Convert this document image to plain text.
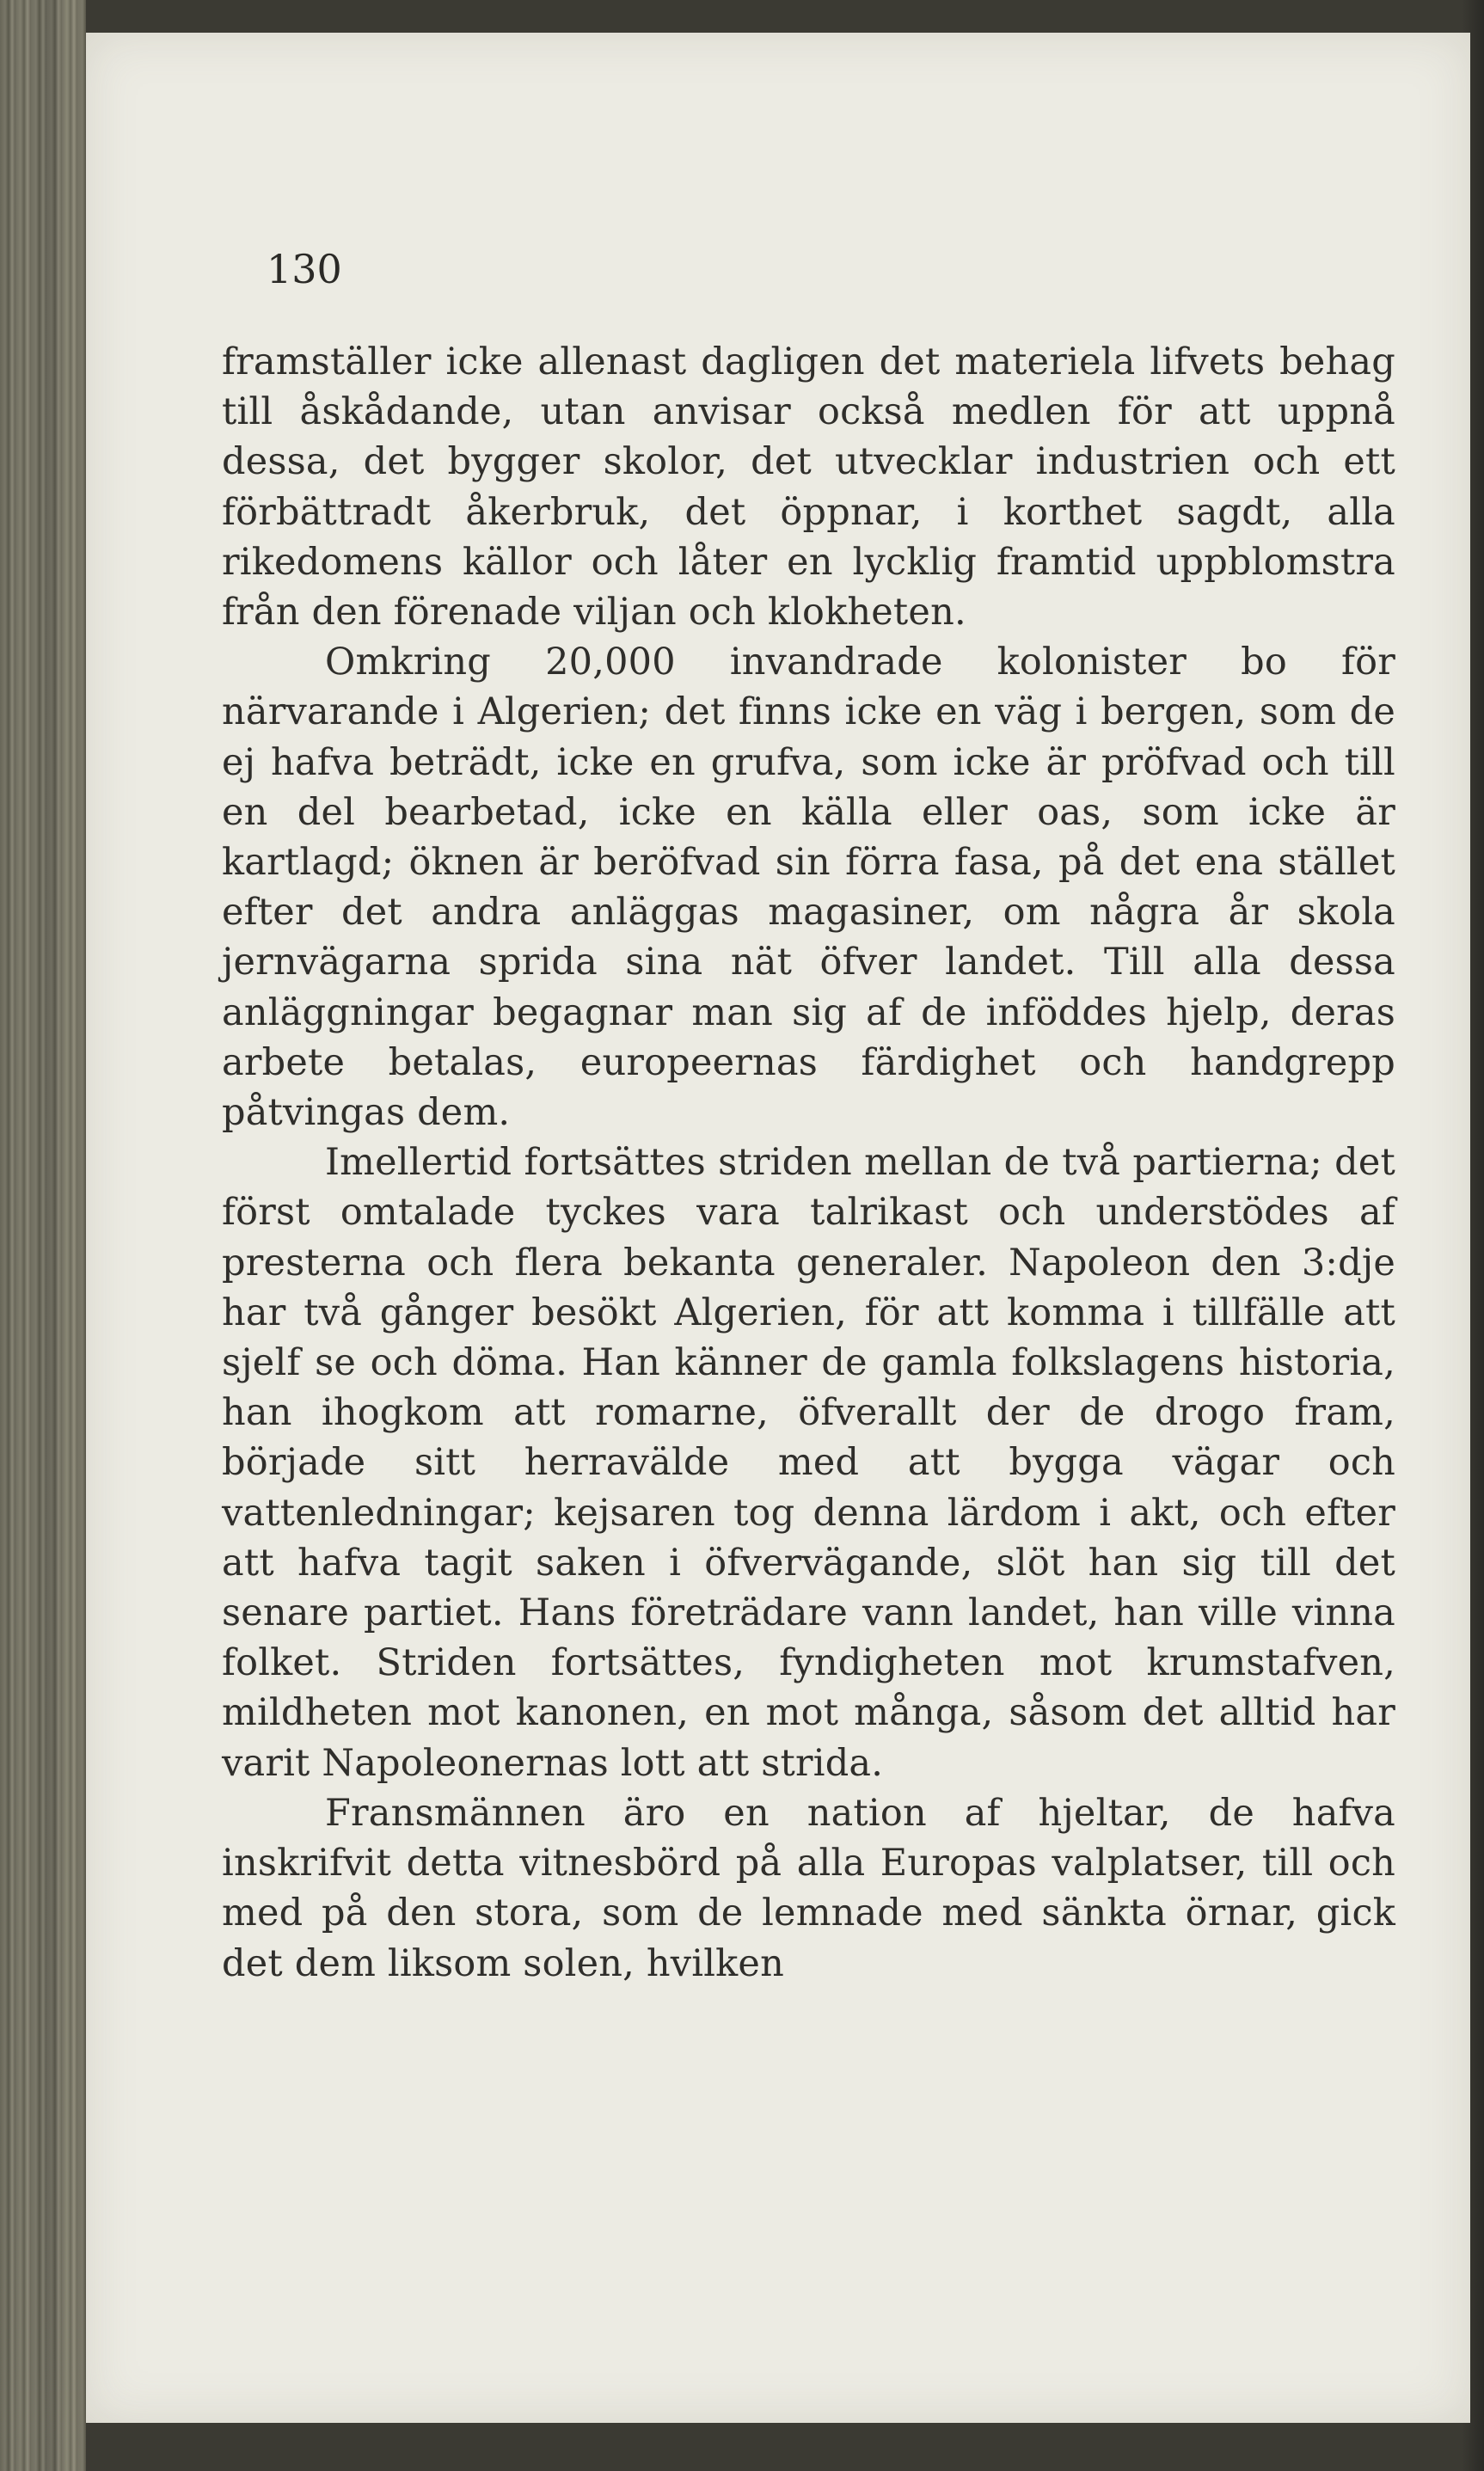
130

framställer icke allenast dagligen det materiela lifvets behag till åskådande, utan anvisar också medlen för att uppnå dessa, det bygger skolor, det utvecklar industrien och ett förbättradt åkerbruk, det öppnar, i korthet sagdt, alla rikedomens källor och låter en lycklig framtid uppblomstra från den förenade viljan och klokheten.

Omkring 20,000 invandrade kolonister bo för närvarande i Algerien; det finns icke en väg i bergen, som de ej hafva beträdt, icke en grufva, som icke är pröfvad och till en del bearbetad, icke en källa eller oas, som icke är kartlagd; öknen är beröfvad sin förra fasa, på det ena stället efter det andra anläggas magasiner, om några år skola jernvägarna sprida sina nät öfver landet. Till alla dessa anläggningar begagnar man sig af de inföddes hjelp, deras arbete betalas, europeernas färdighet och handgrepp påtvingas dem.

Imellertid fortsättes striden mellan de två partierna; det först omtalade tyckes vara talrikast och understödes af presterna och flera bekanta generaler. Napoleon den 3:dje har två gånger besökt Algerien, för att komma i tillfälle att sjelf se och döma. Han känner de gamla folkslagens historia, han ihogkom att romarne, öfverallt der de drogo fram, började sitt herravälde med att bygga vägar och vattenledningar; kejsaren tog denna lärdom i akt, och efter att hafva tagit saken i öfvervägande, slöt han sig till det senare partiet. Hans företrädare vann landet, han ville vinna folket. Striden fortsättes, fyndigheten mot krumstafven, mildheten mot kanonen, en mot många, såsom det alltid har varit Napoleonernas lott att strida.

Fransmännen äro en nation af hjeltar, de hafva inskrifvit detta vitnesbörd på alla Europas valplatser, till och med på den stora, som de lemnade med sänkta örnar, gick det dem liksom solen, hvilken
